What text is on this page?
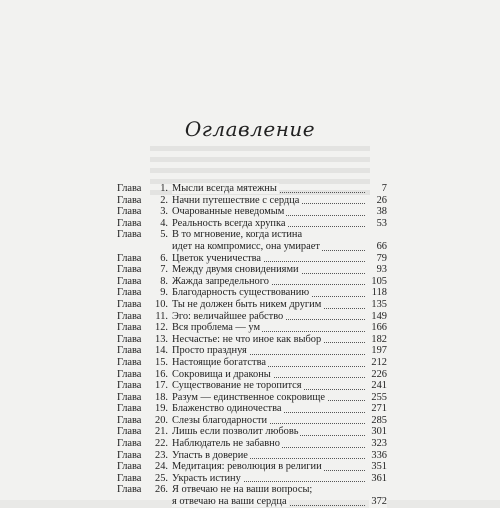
Оглавление
Глава	1. Мысли всегда мятежны	7
Глава	2. Начни путешествие с сердца	26
Глава	3. Очарованные неведомым	38
Глава	4. Реальность всегда хрупка	53
Глава	5. В то мгновение, когда истина
идет на компромисс, она умирает	66
Глава	6. Цветок ученичества	79
Глава	7. Между двумя сновидениями	93
Глава	8. Жажда запредельного	105
Глава	9. Благодарность существованию	118
Глава	10. Ты не должен быть никем другим	135
Глава	11. Эго: величайшее рабство	149
Глава	12. Вся проблема — ум	166
Глава	13. Несчастье: не что иное как выбор	182
Глава	14. Просто празднуя	197
Глава	15. Настоящие богатства	212
Глава	16. Сокровища и драконы	226
Глава	17. Существование не торопится	241
Глава	18. Разум — единственное сокровище	255
Глава	19. Блаженство одиночества	271
Глава	20. Слезы благодарности	285
Глава	21. Лишь если позволит любовь	301
Глава	22. Наблюдатель не забавно	323
Глава	23. Упасть в доверие	336
Глава	24. Медитация: революция в религии	351
Глава	25. Украсть истину	361
Глава	26. Я отвечаю не на ваши вопросы;
я отвечаю на ваши сердца	372
